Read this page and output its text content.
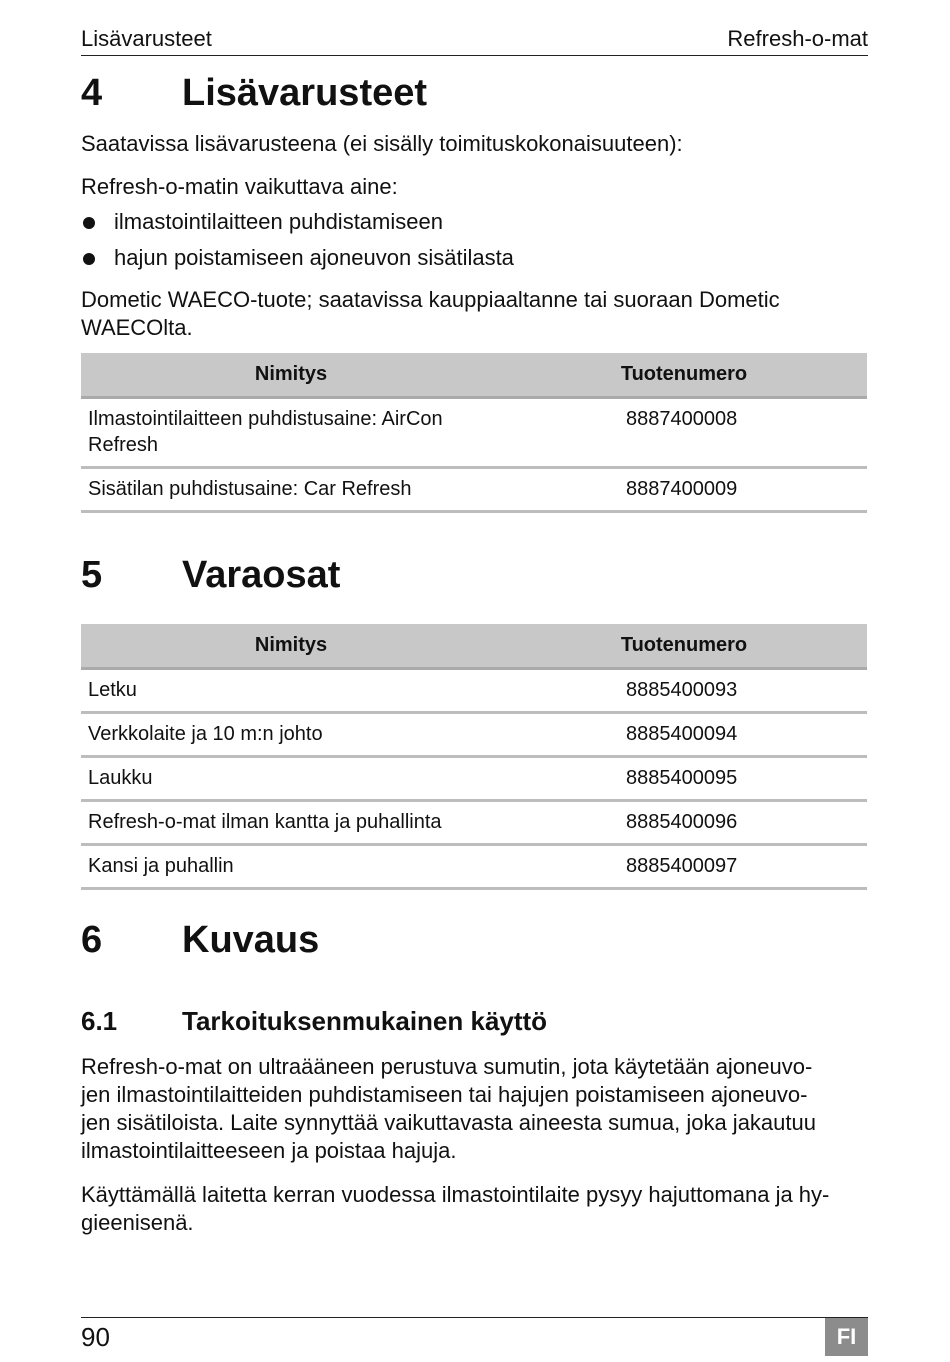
Lisävarusteet	Refresh-o-mat
4 Lisävarusteet
Saatavissa lisävarusteena (ei sisälly toimituskokonaisuuteen):
Refresh-o-matin vaikuttava aine:
ilmastointilaitteen puhdistamiseen
hajun poistamiseen ajoneuvon sisätilasta
Dometic WAECO-tuote; saatavissa kauppiaaltanne tai suoraan Dometic
WAECOlta.
Nimitys	Tuotenumero

Ilmastointilaitteen puhdistusaine: AirCon
Refresh	8887400008
Sisätilan puhdistusaine: Car Refresh	8887400009
5 Varaosat
Nimitys	Tuotenumero
Letku	8885400093
Verkkolaite ja 10 m:n johto	8885400094
Laukku	8885400095
Refresh-o-mat ilman kantta ja puhallinta	8885400096
Kansi ja puhallin	8885400097
6 Kuvaus
6.1 Tarkoituksenmukainen käyttö
Refresh-o-mat on ultraääneen perustuva sumutin, jota käytetään ajoneuvo-
jen ilmastointilaitteiden puhdistamiseen tai hajujen poistamiseen ajoneuvo-
jen sisätiloista. Laite synnyttää vaikuttavasta aineesta sumua, joka jakautuu
ilmastointilaitteeseen ja poistaa hajuja.
Käyttämällä laitetta kerran vuodessa ilmastointilaite pysyy hajuttomana ja hy-
gieenisenä.
90	FI
